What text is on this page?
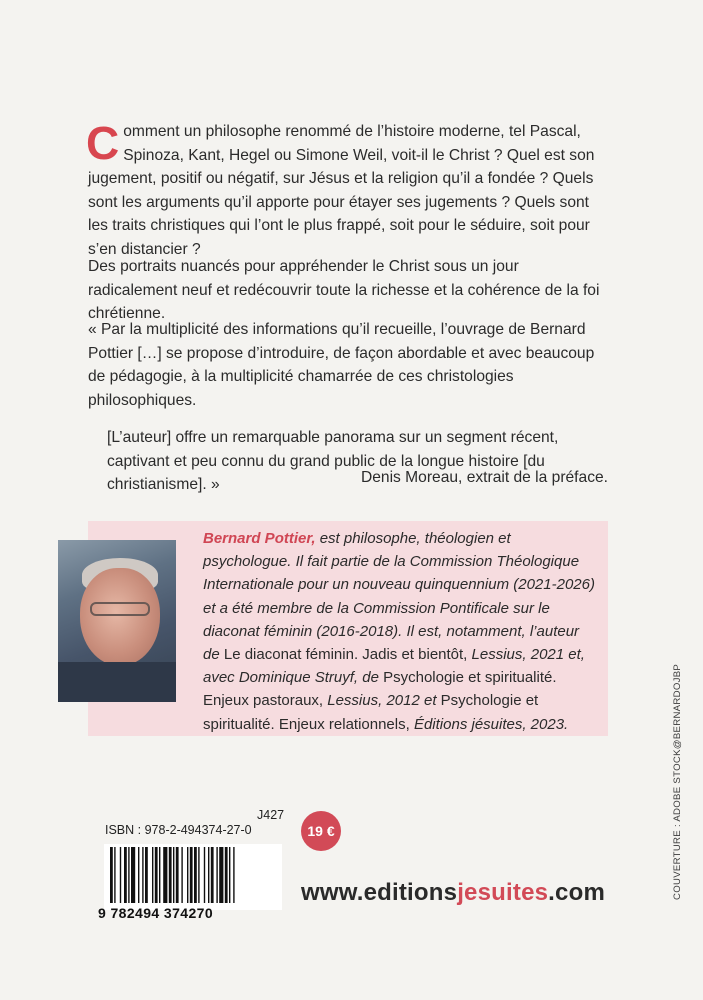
Comment un philosophe renommé de l’histoire moderne, tel Pascal, Spinoza, Kant, Hegel ou Simone Weil, voit-il le Christ ? Quel est son jugement, positif ou négatif, sur Jésus et la religion qu’il a fondée ? Quels sont les arguments qu’il apporte pour étayer ses jugements ? Quels sont les traits christiques qui l’ont le plus frappé, soit pour le séduire, soit pour s’en distancier ?
Des portraits nuancés pour appréhender le Christ sous un jour radicalement neuf et redécouvrir toute la richesse et la cohérence de la foi chrétienne.
« Par la multiplicité des informations qu’il recueille, l’ouvrage de Bernard Pottier […] se propose d’introduire, de façon abordable et avec beaucoup de pédagogie, à la multiplicité chamarrée de ces christologies philosophiques.
[L’auteur] offre un remarquable panorama sur un segment récent, captivant et peu connu du grand public de la longue histoire [du christianisme]. »	Denis Moreau, extrait de la préface.
Bernard Pottier, est philosophe, théologien et psychologue. Il fait partie de la Commission Théologique Internationale pour un nouveau quinquennium (2021-2026) et a été membre de la Commission Pontificale sur le diaconat féminin (2016-2018). Il est, notamment, l’auteur de Le diaconat féminin. Jadis et bientôt, Lessius, 2021 et, avec Dominique Struyf, de Psychologie et spiritualité. Enjeux pastoraux, Lessius, 2012 et Psychologie et spiritualité. Enjeux relationnels, Éditions jésuites, 2023.	COUVERTURE : ADOBE STOCK@BERNARDOJBP
J427
ISBN : 978-2-494374-27-0
9 782494 374270
19 €
www.editionsjesuites.com
